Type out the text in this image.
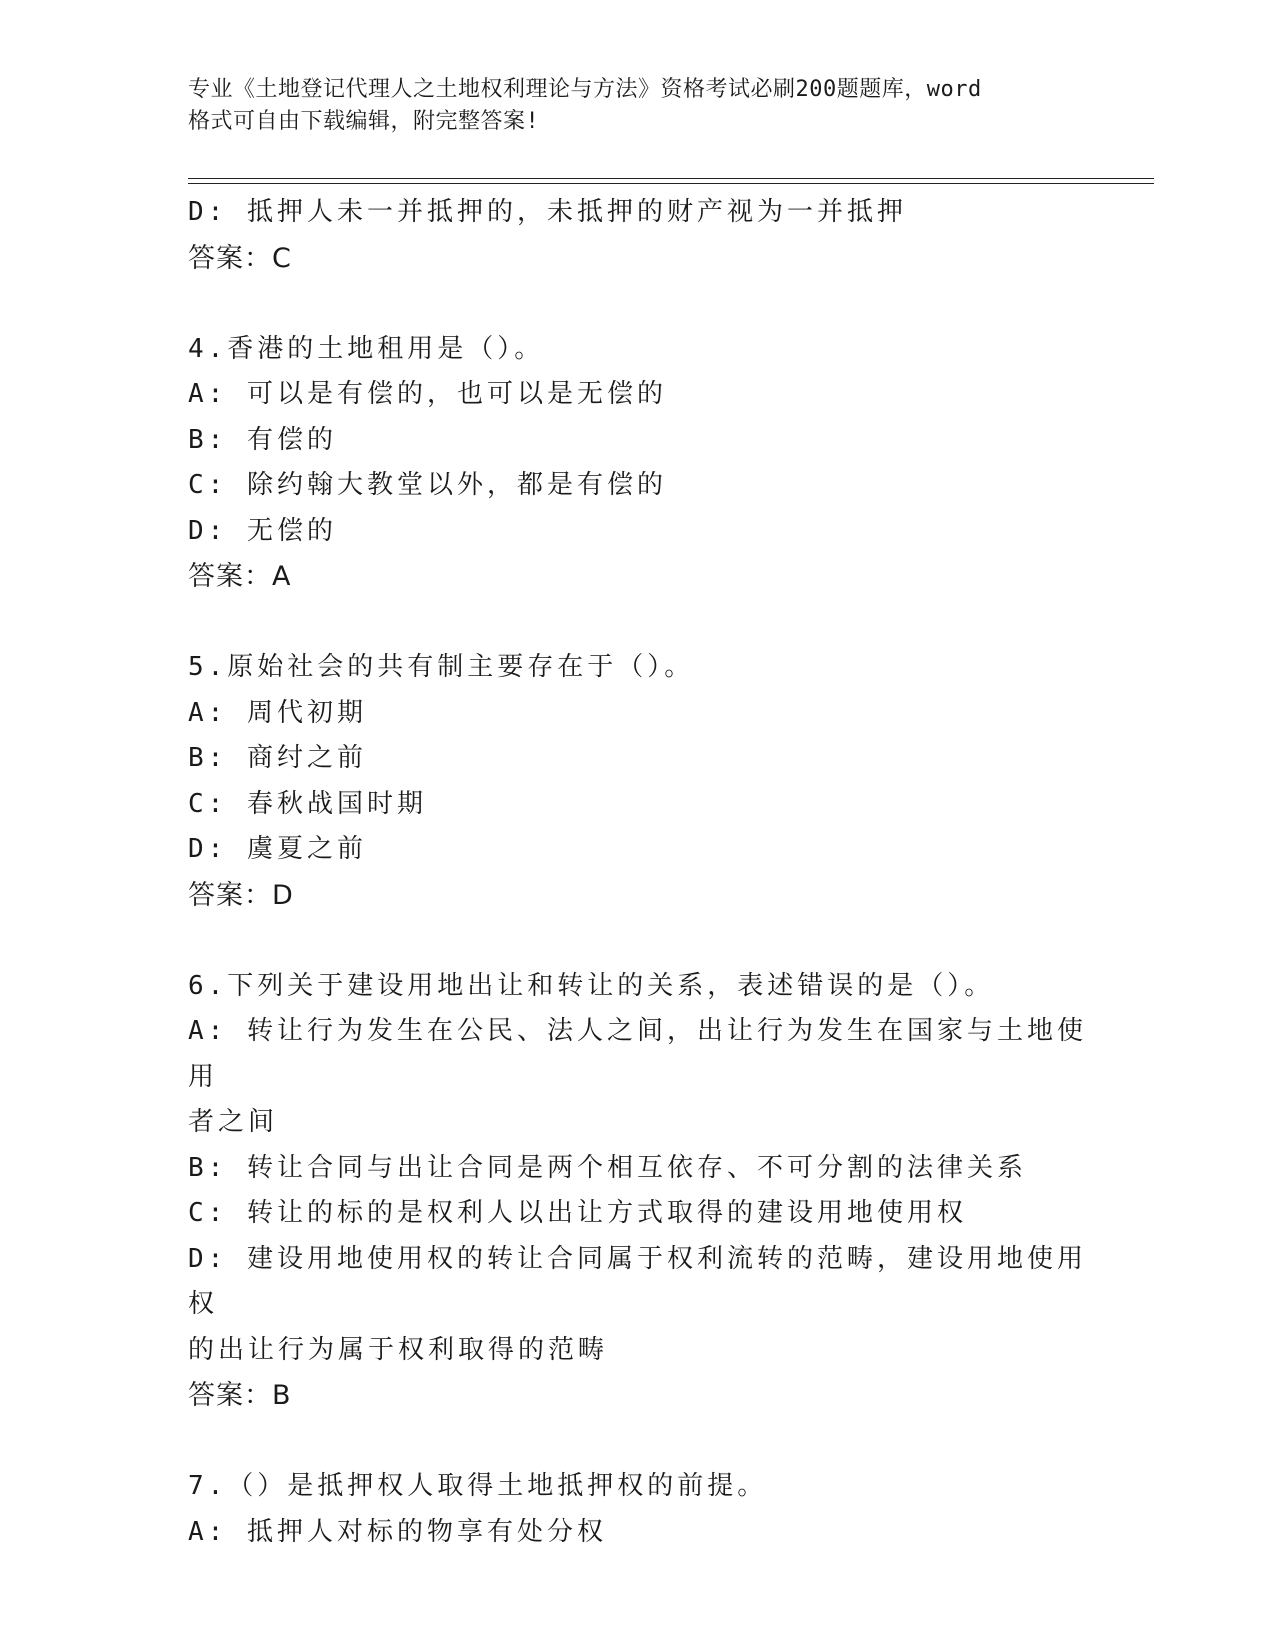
专业《土地登记代理人之土地权利理论与方法》资格考试必刷200题题库，word
格式可自由下载编辑，附完整答案!
D: 抵押人未一并抵押的，未抵押的财产视为一并抵押
答案：C
4.香港的土地租用是（）。
A: 可以是有偿的，也可以是无偿的
B: 有偿的
C: 除约翰大教堂以外，都是有偿的
D: 无偿的
答案：A
5.原始社会的共有制主要存在于（）。
A: 周代初期
B: 商纣之前
C: 春秋战国时期
D: 虞夏之前
答案：D
6.下列关于建设用地出让和转让的关系，表述错误的是（）。
A: 转让行为发生在公民、法人之间，出让行为发生在国家与土地使用
者之间
B: 转让合同与出让合同是两个相互依存、不可分割的法律关系
C: 转让的标的是权利人以出让方式取得的建设用地使用权
D: 建设用地使用权的转让合同属于权利流转的范畴，建设用地使用权
的出让行为属于权利取得的范畴
答案：B
7.（）是抵押权人取得土地抵押权的前提。
A: 抵押人对标的物享有处分权
